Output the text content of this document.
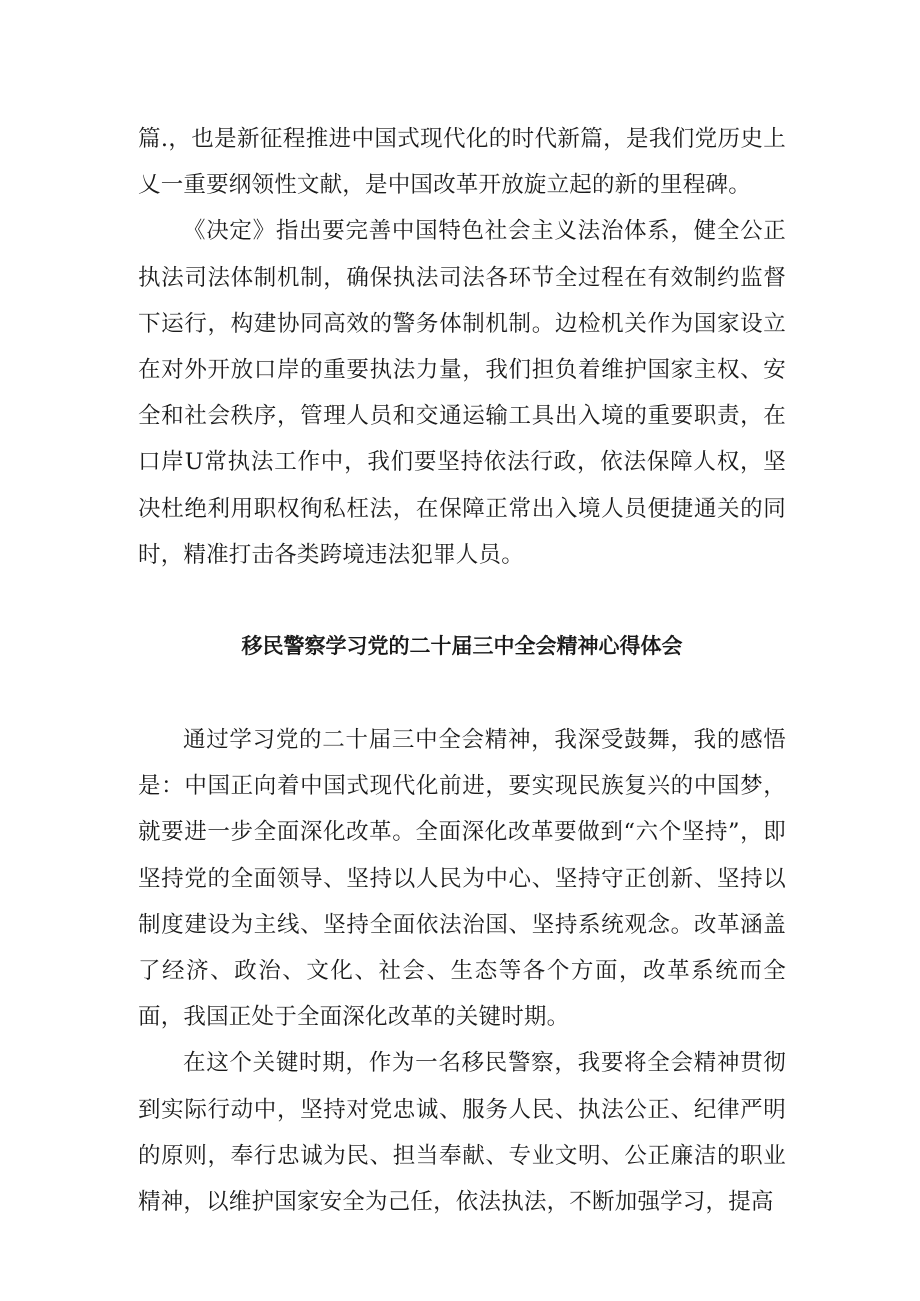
篇.，也是新征程推进中国式现代化的时代新篇，是我们党历史上乂一重要纲领性文献，是中国改革开放旋立起的新的里程碑。

《决定》指出要完善中国特色社会主义法治体系，健全公正执法司法体制机制，确保执法司法各环节全过程在有效制约监督下运行，构建协同高效的警务体制机制。边检机关作为国家设立在对外开放口岸的重要执法力量，我们担负着维护国家主权、安全和社会秩序，管理人员和交通运输工具出入境的重要职责，在口岸U常执法工作中，我们要坚持依法行政，依法保障人权，坚决杜绝利用职权徇私枉法，在保障正常出入境人员便捷通关的同时，精准打击各类跨境违法犯罪人员。

移民警察学习党的二十届三中全会精神心得体会

通过学习党的二十届三中全会精神，我深受鼓舞，我的感悟是：中国正向着中国式现代化前进，要实现民族复兴的中国梦，就要进一步全面深化改革。全面深化改革要做到“六个坚持”，即坚持党的全面领导、坚持以人民为中心、坚持守正创新、坚持以制度建设为主线、坚持全面依法治国、坚持系统观念。改革涵盖了经济、政治、文化、社会、生态等各个方面，改革系统而全面，我国正处于全面深化改革的关键时期。

在这个关键时期，作为一名移民警察，我要将全会精神贯彻到实际行动中，坚持对党忠诚、服务人民、执法公正、纪律严明的原则，奉行忠诚为民、担当奉献、专业文明、公正廉洁的职业精神，以维护国家安全为己任，依法执法，不断加强学习，提高
